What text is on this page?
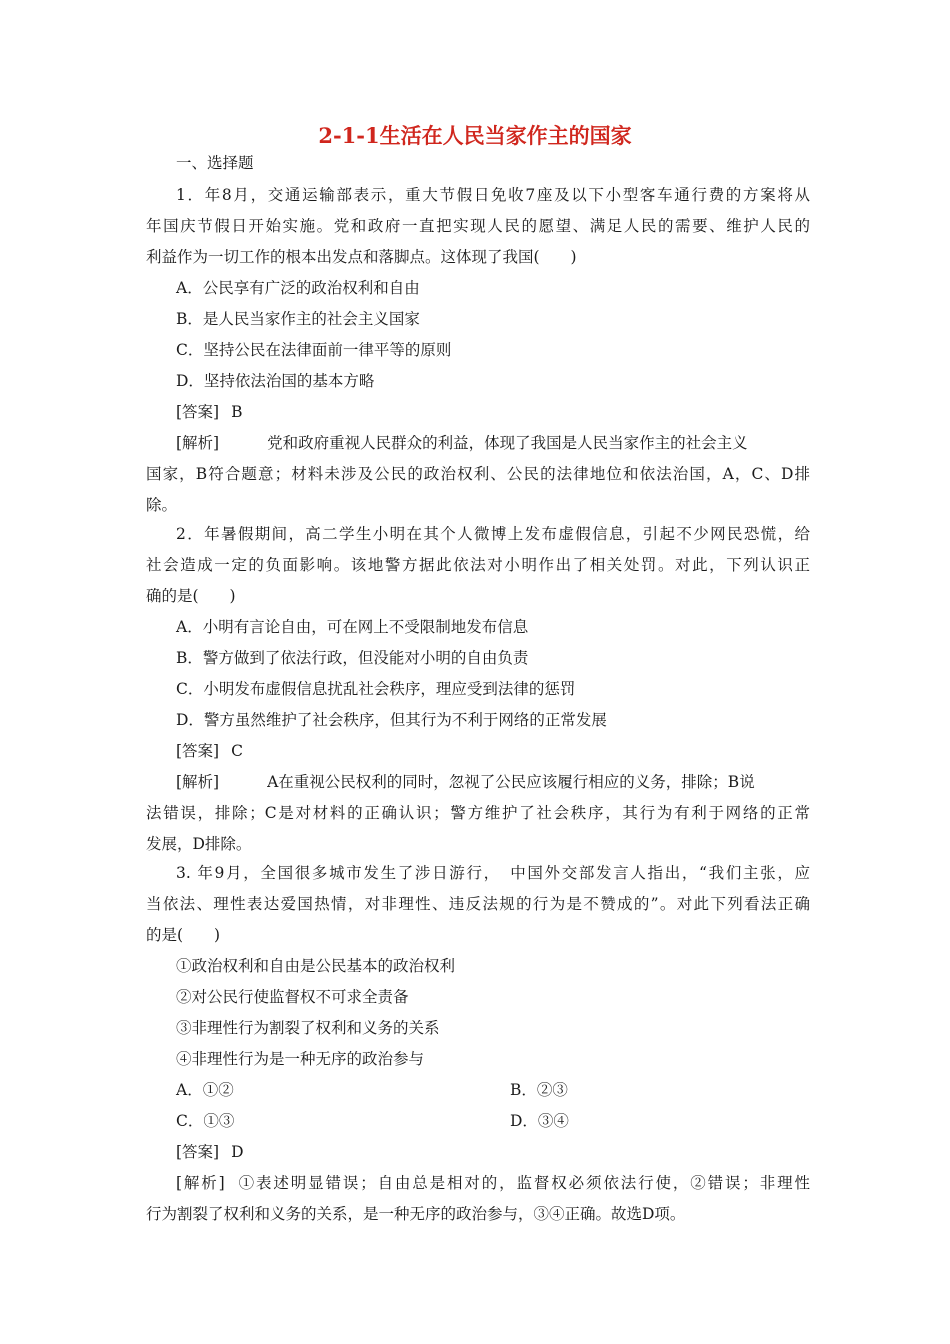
2-1-1生活在人民当家作主的国家
一、选择题
1．年8月，交通运输部表示，重大节假日免收7座及以下小型客车通行费的方案将从
年国庆节假日开始实施。党和政府一直把实现人民的愿望、满足人民的需要、维护人民的
利益作为一切工作的根本出发点和落脚点。这体现了我国(　　)
A．公民享有广泛的政治权利和自由
B．是人民当家作主的社会主义国家
C．坚持公民在法律面前一律平等的原则
D．坚持依法治国的基本方略
[答案] B
[解析]	党和政府重视人民群众的利益，体现了我国是人民当家作主的社会主义
国家，B符合题意；材料未涉及公民的政治权利、公民的法律地位和依法治国，A，C、D排
除。
2．年暑假期间，高二学生小明在其个人微博上发布虚假信息，引起不少网民恐慌，给
社会造成一定的负面影响。该地警方据此依法对小明作出了相关处罚。对此，下列认识正
确的是(　　)
A．小明有言论自由，可在网上不受限制地发布信息
B．警方做到了依法行政，但没能对小明的自由负责
C．小明发布虚假信息扰乱社会秩序，理应受到法律的惩罚
D．警方虽然维护了社会秩序，但其行为不利于网络的正常发展
[答案] C
[解析]	A在重视公民权利的同时，忽视了公民应该履行相应的义务，排除；B说
法错误，排除；C是对材料的正确认识；警方维护了社会秩序，其行为有利于网络的正常
发展，D排除。
3. 年9月，全国很多城市发生了涉日游行，　中国外交部发言人指出，“我们主张，应
当依法、理性表达爱国热情，对非理性、违反法规的行为是不赞成的”。对此下列看法正确
的是(　　)
①政治权利和自由是公民基本的政治权利
②对公民行使监督权不可求全责备
③非理性行为割裂了权利和义务的关系
④非理性行为是一种无序的政治参与
A．①②	B．②③
C．①③	D．③④
[答案] D
[解析] ①表述明显错误；自由总是相对的，监督权必须依法行使，②错误；非理性
行为割裂了权利和义务的关系，是一种无序的政治参与，③④正确。故选D项。
